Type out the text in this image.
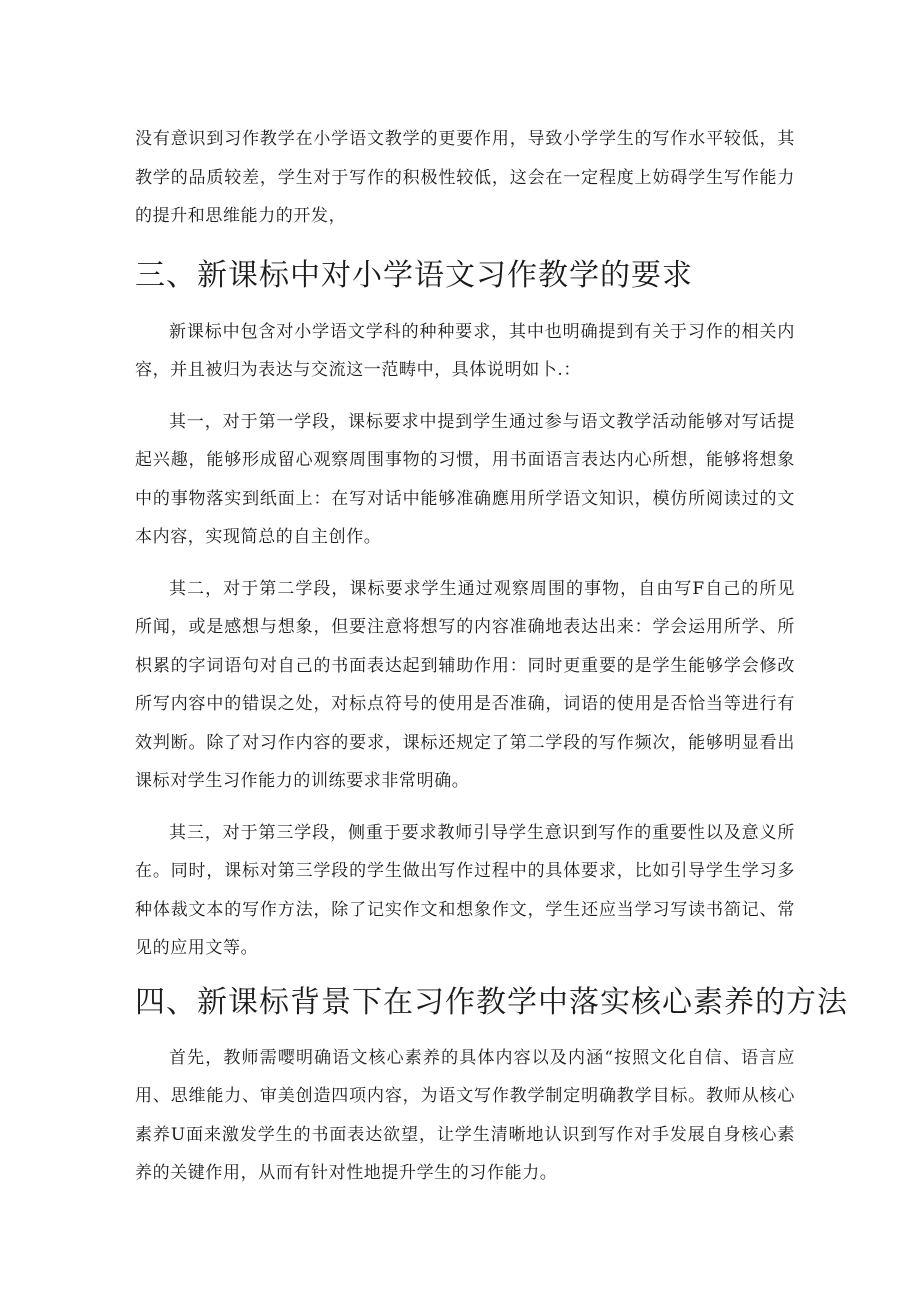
没有意识到习作教学在小学语文教学的更要作用，导致小学学生的写作水平较低，其教学的品质较差，学生对于写作的积极性较低，这会在一定程度上妨碍学生写作能力的提升和思维能力的开发，

三、新课标中对小学语文习作教学的要求

新课标中包含对小学语文学科的种种要求，其中也明确提到有关于习作的相关内容，并且被归为表达与交流这一范畴中，具体说明如卜.：

其一，对于第一学段，课标要求中提到学生通过参与语文教学活动能够对写话提起兴趣，能够形成留心观察周围事物的习惯，用书面语言表达内心所想，能够将想象中的事物落实到纸面上：在写对话中能够准确應用所学语文知识，模仿所阅读过的文本内容，实现简总的自主创作。

其二，对于第二学段，课标要求学生通过观察周围的事物，自由写F自己的所见所闻，或是感想与想象，但要注意将想写的内容准确地表达出来：学会运用所学、所枳累的字词语句对自己的书面表达起到辅助作用：同时更重要的是学生能够学会修改所写内容中的错误之处，对标点符号的使用是否准确，词语的使用是否恰当等进行有效判断。除了对习作内容的要求，课标还规定了第二学段的写作频次，能够明显看出课标对学生习作能力的训练要求非常明确。

其三，对于第三学段，侧重于要求教师引导学生意识到写作的重要性以及意义所在。同时，课标对第三学段的学生做出写作过程中的具体要求，比如引导学生学习多种体裁文本的写作方法，除了记实作文和想象作文，学生还应当学习写读书箚记、常见的应用文等。

四、新课标背景下在习作教学中落实核心素养的方法

首先，教师需嘤明确语文核心素养的具体内容以及内涵“按照文化自信、语言应用、思维能力、审美创造四项内容，为语文写作教学制定明确教学目标。教师从核心素养U面来激发学生的书面表达欲望，让学生清晰地认识到写作对手发展自身核心素养的关键作用，从而有针对性地提升学生的习作能力。
